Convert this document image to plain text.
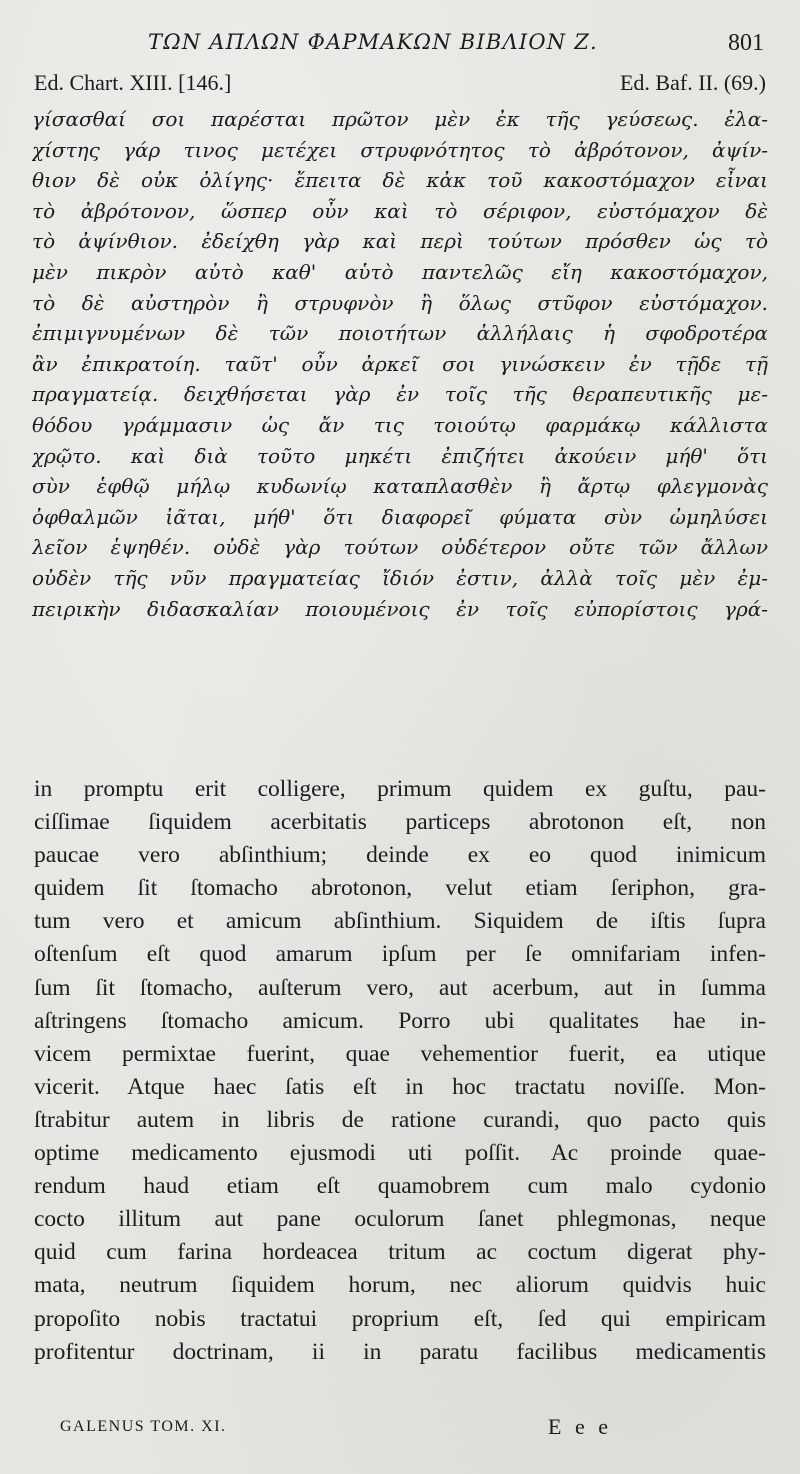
ΤΩΝ ΑΠΛΩΝ ΦΑΡΜΑΚΩΝ ΒΙΒΛΙΟΝ Ζ.	801
Ed. Chart. XIII. [146.]	Ed. Baf. II. (69.)
γίσασθαί σοι παρέσται πρῶτον μὲν ἐκ τῆς γεύσεως. ἐλα-
χίστης γάρ τινος μετέχει στρυφνότητος τὸ ἀβρότονον, ἀψίν-
θιον δὲ οὐκ ὀλίγης· ἔπειτα δὲ κἀκ τοῦ κακοστόμαχον εἶναι
τὸ ἀβρότονον, ὥσπερ οὖν καὶ τὸ σέριφον, εὐστόμαχον δὲ
τὸ ἀψίνθιον. ἐδείχθη γὰρ καὶ περὶ τούτων πρόσθεν ὡς τὸ
μὲν πικρὸν αὐτὸ καθ' αὑτὸ παντελῶς εἴη κακοστόμαχον,
τὸ δὲ αὐστηρὸν ἢ στρυφνὸν ἢ ὅλως στῦφον εὐστόμαχον.
ἐπιμιγνυμένων δὲ τῶν ποιοτήτων ἀλλήλαις ἡ σφοδροτέρα
ἂν ἐπικρατοίη. ταῦτ' οὖν ἀρκεῖ σοι γινώσκειν ἐν τῇδε τῇ
πραγματείᾳ. δειχθήσεται γὰρ ἐν τοῖς τῆς θεραπευτικῆς με-
θόδου γράμμασιν ὡς ἄν τις τοιούτῳ φαρμάκῳ κάλλιστα
χρῷτο. καὶ διὰ τοῦτο μηκέτι ἐπιζήτει ἀκούειν μήθ' ὅτι
σὺν ἑφθῷ μήλῳ κυδωνίῳ καταπλασθὲν ἢ ἄρτῳ φλεγμονὰς
ὀφθαλμῶν ἰᾶται, μήθ' ὅτι διαφορεῖ φύματα σὺν ὠμηλύσει
λεῖον ἑψηθέν. οὐδὲ γὰρ τούτων οὐδέτερον οὔτε τῶν ἄλλων
οὐδὲν τῆς νῦν πραγματείας ἴδιόν ἐστιν, ἀλλὰ τοῖς μὲν ἐμ-
πειρικὴν διδασκαλίαν ποιουμένοις ἐν τοῖς εὐπορίστοις γρά-
in promptu erit colligere, primum quidem ex guſtu, pau-
ciſſimae ſiquidem acerbitatis particeps abrotonon eſt, non
paucae vero abſinthium; deinde ex eo quod inimicum
quidem ſit ſtomacho abrotonon, velut etiam ſeriphon, gra-
tum vero et amicum abſinthium. Siquidem de iſtis ſupra
oſtenſum eſt quod amarum ipſum per ſe omnifariam infen-
ſum ſit ſtomacho, auſterum vero, aut acerbum, aut in ſumma
aſtringens ſtomacho amicum. Porro ubi qualitates hae in-
vicem permixtae fuerint, quae vehementior fuerit, ea utique
vicerit. Atque haec ſatis eſt in hoc tractatu noviſſe. Mon-
ſtrabitur autem in libris de ratione curandi, quo pacto quis
optime medicamento ejusmodi uti poſſit. Ac proinde quae-
rendum haud etiam eſt quamobrem cum malo cydonio
cocto illitum aut pane oculorum ſanet phlegmonas, neque
quid cum farina hordeacea tritum ac coctum digerat phy-
mata, neutrum ſiquidem horum, nec aliorum quidvis huic
propoſito nobis tractatui proprium eſt, ſed qui empiricam
profitentur doctrinam, ii in paratu facilibus medicamentis
GALENUS TOM. XI.	E e e
